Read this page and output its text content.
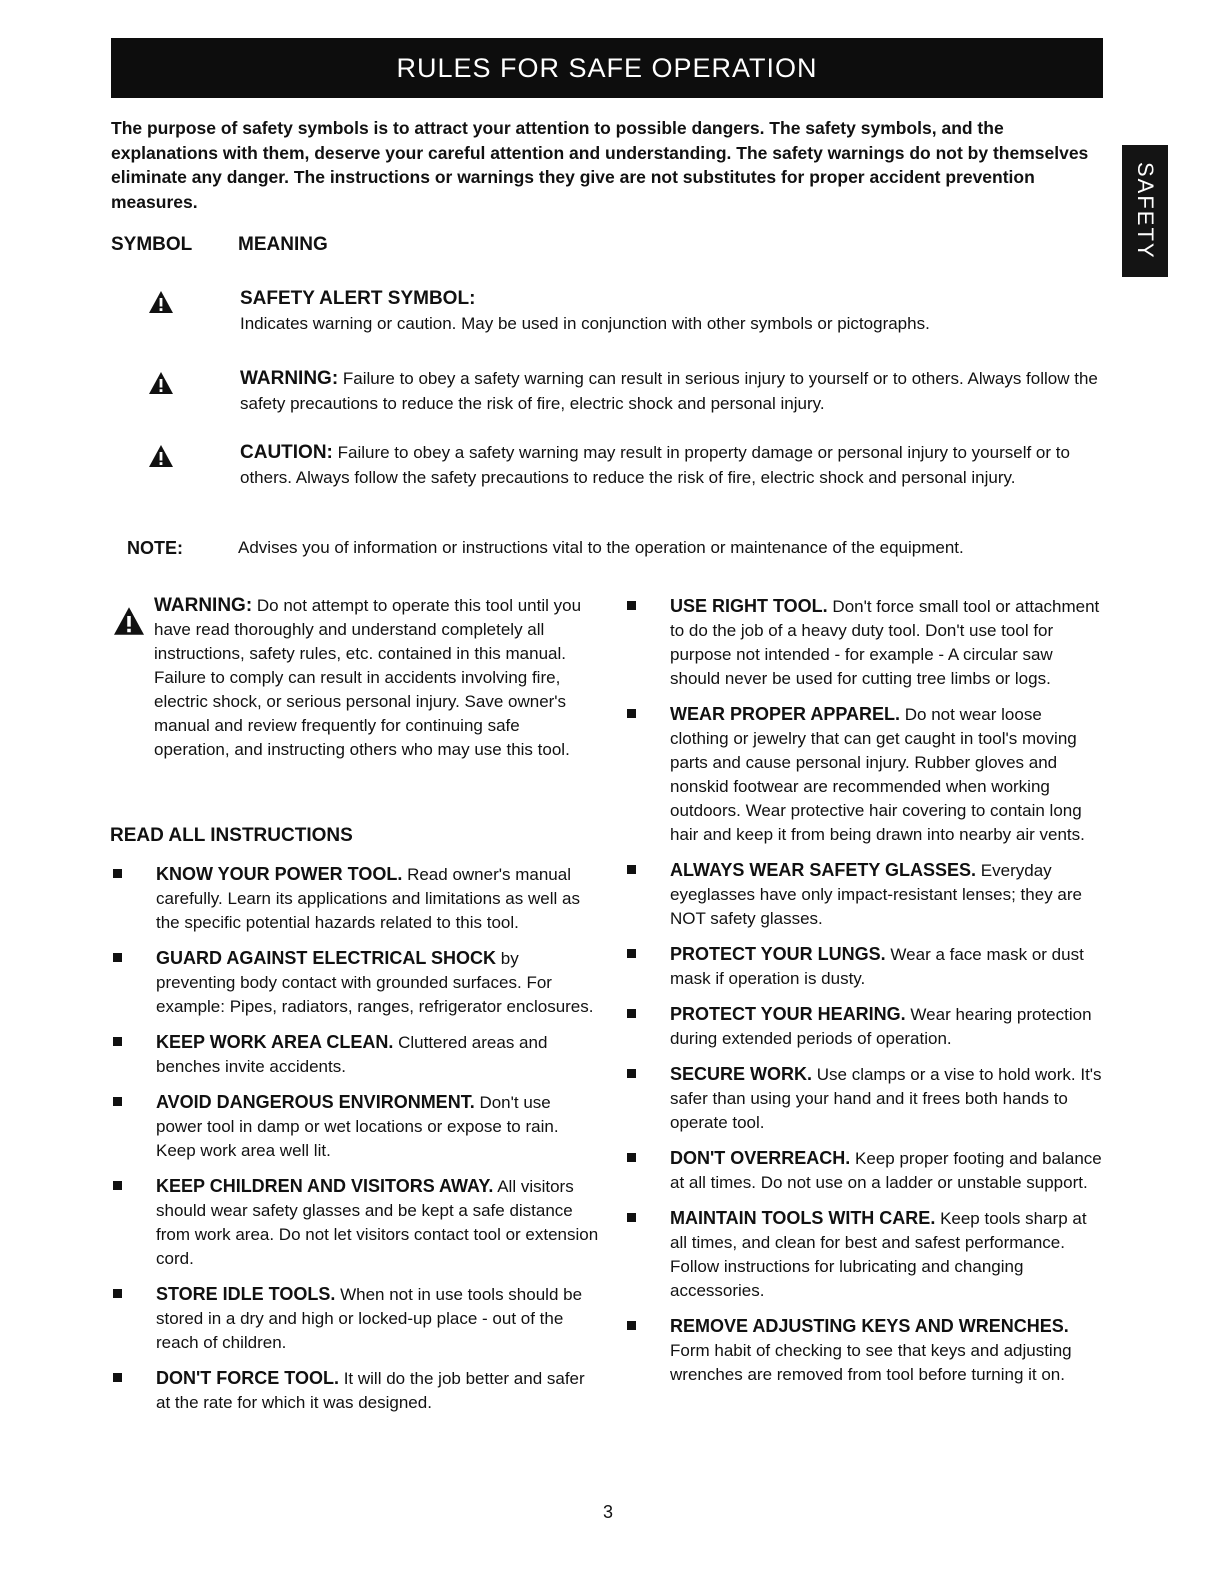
RULES FOR SAFE OPERATION
SAFETY
The purpose of safety symbols is to attract your attention to possible dangers. The safety symbols, and the explanations with them, deserve your careful attention and understanding. The safety warnings do not by themselves eliminate any danger. The instructions or warnings they give are not substitutes for proper accident prevention measures.
SYMBOL MEANING
SAFETY ALERT SYMBOL:
Indicates warning or caution. May be used in conjunction with other symbols or pictographs.
WARNING: Failure to obey a safety warning can result in serious injury to yourself or to others. Always follow the safety precautions to reduce the risk of fire, electric shock and personal injury.
CAUTION: Failure to obey a safety warning may result in property damage or personal injury to yourself or to others. Always follow the safety precautions to reduce the risk of fire, electric shock and personal injury.
NOTE:	Advises you of information or instructions vital to the operation or maintenance of the equipment.
WARNING: Do not attempt to operate this tool until you have read thoroughly and understand completely all instructions, safety rules, etc. contained in this manual. Failure to comply can result in accidents involving fire, electric shock, or serious personal injury. Save owner's manual and review frequently for continuing safe operation, and instructing others who may use this tool.
READ ALL INSTRUCTIONS
KNOW YOUR POWER TOOL. Read owner's manual carefully. Learn its applications and limitations as well as the specific potential hazards related to this tool.
GUARD AGAINST ELECTRICAL SHOCK by preventing body contact with grounded surfaces. For example: Pipes, radiators, ranges, refrigerator enclosures.
KEEP WORK AREA CLEAN. Cluttered areas and benches invite accidents.
AVOID DANGEROUS ENVIRONMENT. Don't use power tool in damp or wet locations or expose to rain. Keep work area well lit.
KEEP CHILDREN AND VISITORS AWAY. All visitors should wear safety glasses and be kept a safe distance from work area. Do not let visitors contact tool or extension cord.
STORE IDLE TOOLS. When not in use tools should be stored in a dry and high or locked-up place - out of the reach of children.
DON'T FORCE TOOL. It will do the job better and safer at the rate for which it was designed.
USE RIGHT TOOL. Don't force small tool or attachment to do the job of a heavy duty tool. Don't use tool for purpose not intended - for example - A circular saw should never be used for cutting tree limbs or logs.
WEAR PROPER APPAREL. Do not wear loose clothing or jewelry that can get caught in tool's moving parts and cause personal injury. Rubber gloves and nonskid footwear are recommended when working outdoors. Wear protective hair covering to contain long hair and keep it from being drawn into nearby air vents.
ALWAYS WEAR SAFETY GLASSES. Everyday eyeglasses have only impact-resistant lenses; they are NOT safety glasses.
PROTECT YOUR LUNGS. Wear a face mask or dust mask if operation is dusty.
PROTECT YOUR HEARING. Wear hearing protection during extended periods of operation.
SECURE WORK. Use clamps or a vise to hold work. It's safer than using your hand and it frees both hands to operate tool.
DON'T OVERREACH. Keep proper footing and balance at all times. Do not use on a ladder or unstable support.
MAINTAIN TOOLS WITH CARE. Keep tools sharp at all times, and clean for best and safest performance. Follow instructions for lubricating and changing accessories.
REMOVE ADJUSTING KEYS AND WRENCHES. Form habit of checking to see that keys and adjusting wrenches are removed from tool before turning it on.
3
